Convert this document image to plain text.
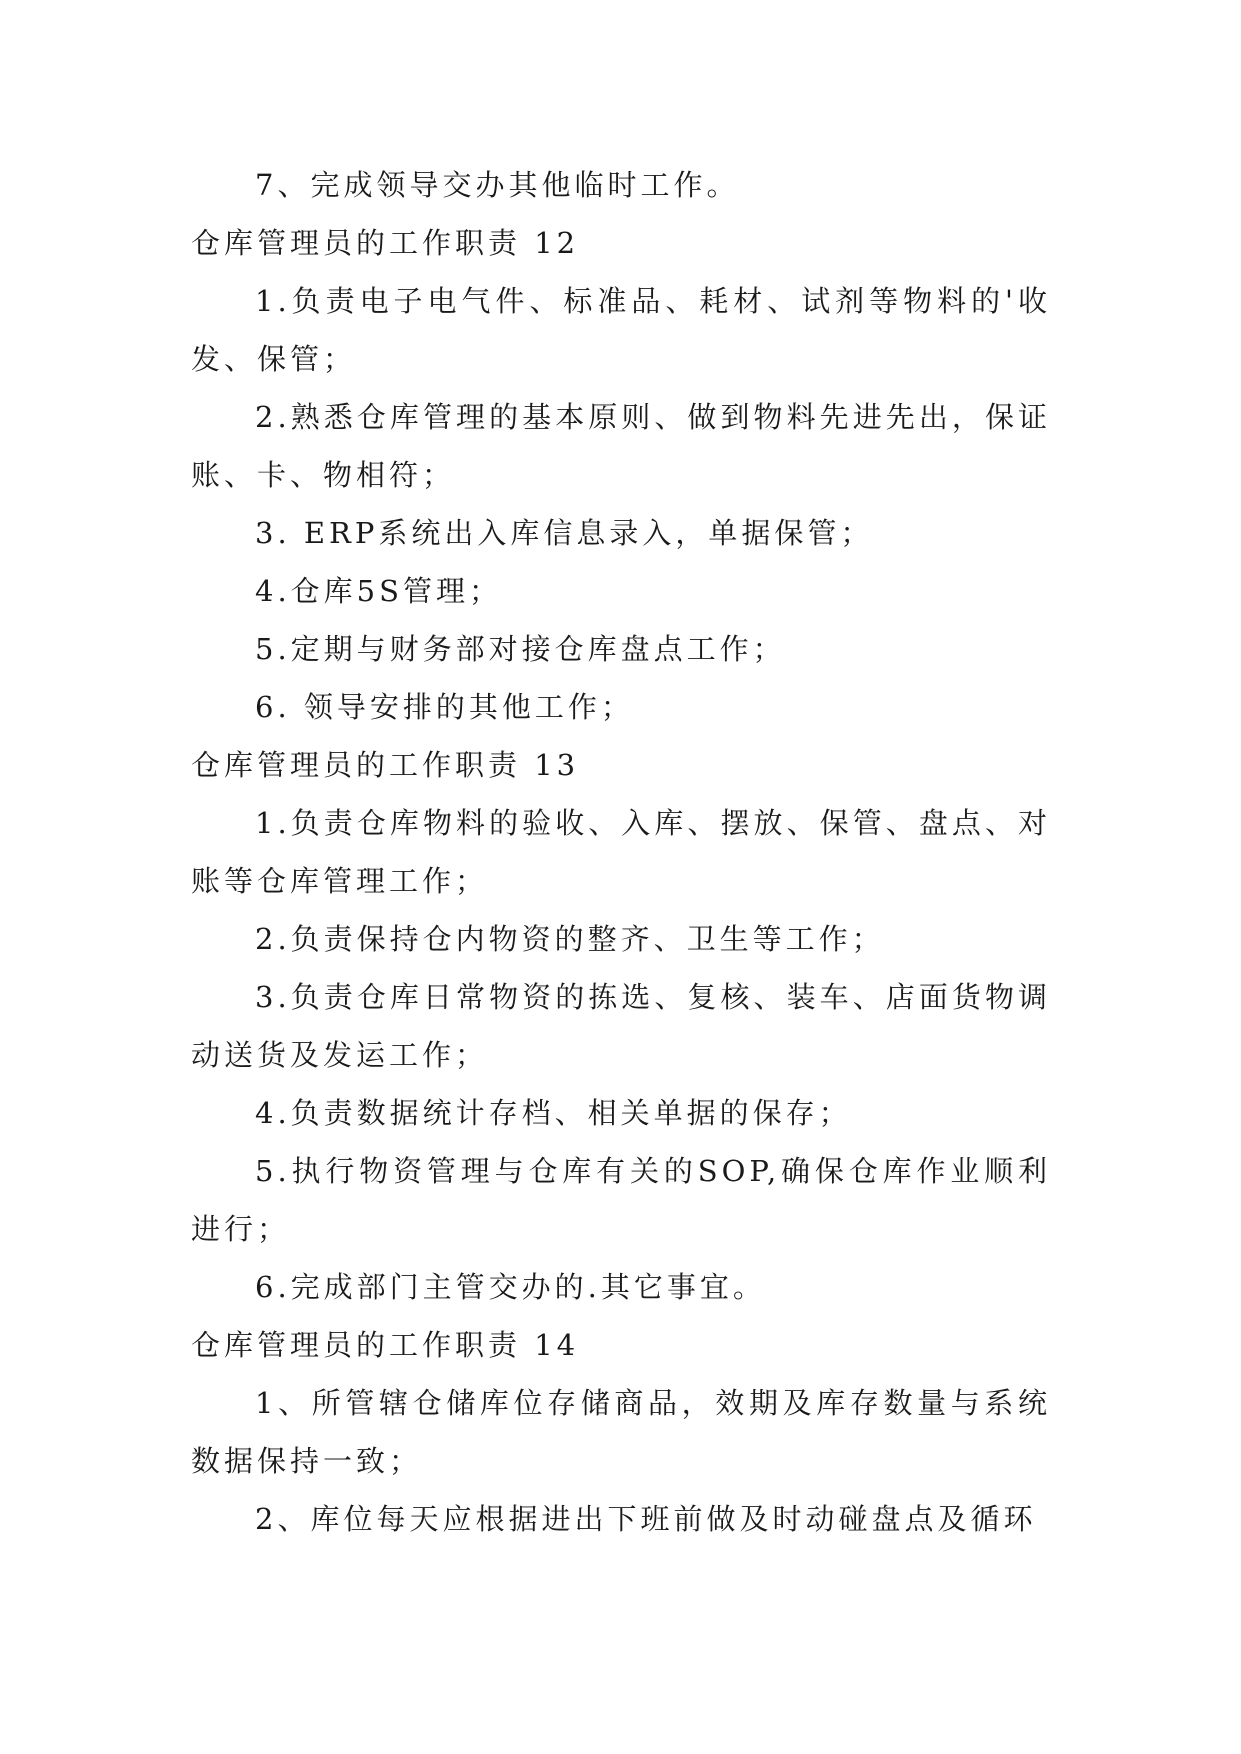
7、完成领导交办其他临时工作。

仓库管理员的工作职责 12

1.负责电子电气件、标准品、耗材、试剂等物料的'收发、保管；

2.熟悉仓库管理的基本原则、做到物料先进先出，保证账、卡、物相符；

3. ERP系统出入库信息录入，单据保管；

4.仓库5S管理；

5.定期与财务部对接仓库盘点工作；

6. 领导安排的其他工作；

仓库管理员的工作职责 13

1.负责仓库物料的验收、入库、摆放、保管、盘点、对账等仓库管理工作；

2.负责保持仓内物资的整齐、卫生等工作；

3.负责仓库日常物资的拣选、复核、装车、店面货物调动送货及发运工作；

4.负责数据统计存档、相关单据的保存；

5.执行物资管理与仓库有关的SOP,确保仓库作业顺利进行；

6.完成部门主管交办的.其它事宜。

仓库管理员的工作职责 14

1、所管辖仓储库位存储商品，效期及库存数量与系统数据保持一致；

2、库位每天应根据进出下班前做及时动碰盘点及循环
